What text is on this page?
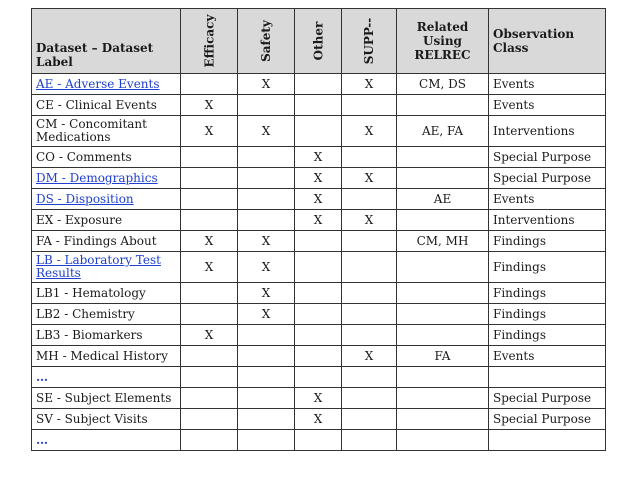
Dataset – Dataset Label	Efficacy	Safety	Other	SUPP--	Related Using RELREC	Observation Class
AE - Adverse Events		X		X	CM, DS	Events
CE - Clinical Events	X					Events
CM - Concomitant Medications	X	X		X	AE, FA	Interventions
CO - Comments			X			Special Purpose
DM - Demographics			X	X		Special Purpose
DS - Disposition			X		AE	Events
EX - Exposure			X	X		Interventions
FA - Findings About	X	X			CM, MH	Findings
LB - Laboratory Test Results	X	X				Findings
LB1 - Hematology		X				Findings
LB2 - Chemistry		X				Findings
LB3 - Biomarkers	X					Findings
MH - Medical History				X	FA	Events
…						
SE - Subject Elements			X			Special Purpose
SV - Subject Visits			X			Special Purpose
…						
